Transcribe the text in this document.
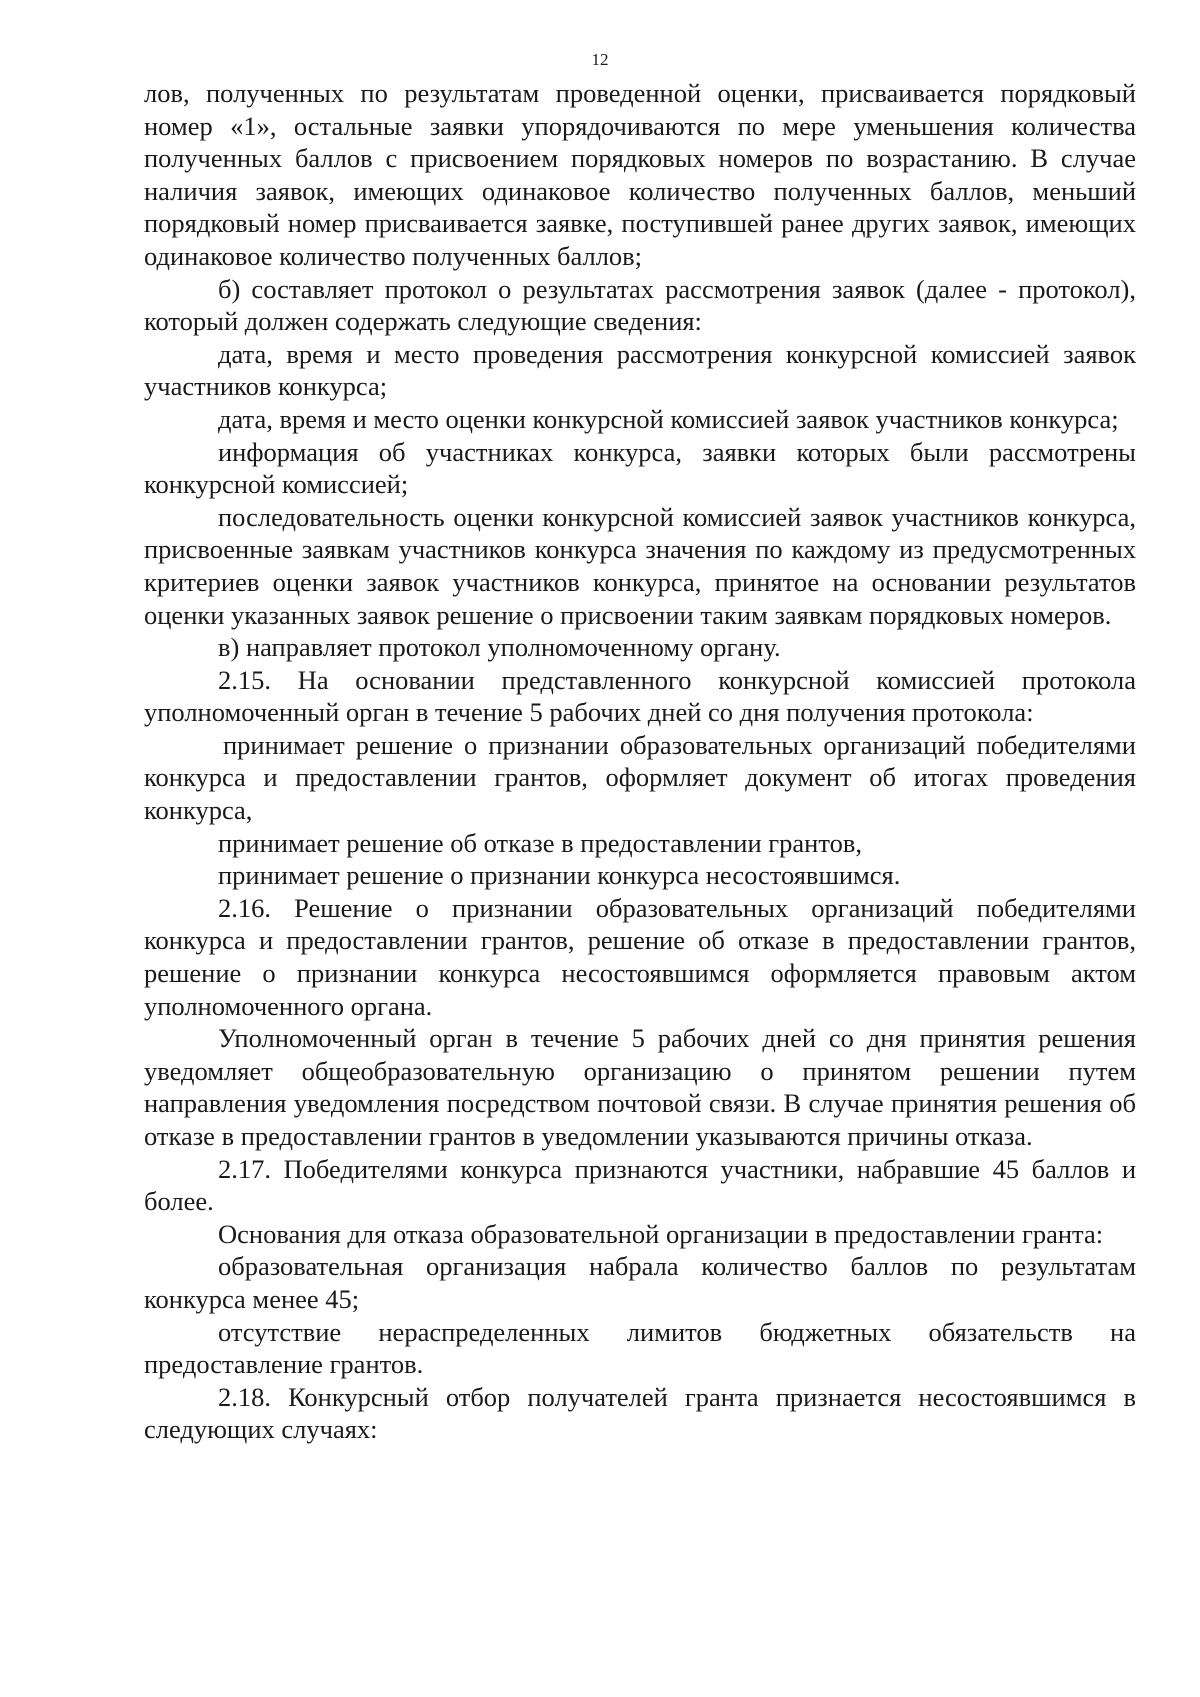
12

лов, полученных по результатам проведенной оценки, присваивается порядковый номер «1», остальные заявки упорядочиваются по мере уменьшения количества полученных баллов с присвоением порядковых номеров по возрастанию. В случае наличия заявок, имеющих одинаковое количество полученных баллов, меньший порядковый номер присваивается заявке, поступившей ранее других заявок, имеющих одинаковое количество полученных баллов;

б) составляет протокол о результатах рассмотрения заявок (далее - протокол), который должен содержать следующие сведения:

дата, время и место проведения рассмотрения конкурсной комиссией заявок участников конкурса;

дата, время и место оценки конкурсной комиссией заявок участников конкурса;

информация об участниках конкурса, заявки которых были рассмотрены конкурсной комиссией;

последовательность оценки конкурсной комиссией заявок участников конкурса, присвоенные заявкам участников конкурса значения по каждому из предусмотренных критериев оценки заявок участников конкурса, принятое на основании результатов оценки указанных заявок решение о присвоении таким заявкам порядковых номеров.

в) направляет протокол уполномоченному органу.

2.15. На основании представленного конкурсной комиссией протокола уполномоченный орган в течение 5 рабочих дней со дня получения протокола:

принимает решение о признании образовательных организаций победителями конкурса и предоставлении грантов, оформляет документ об итогах проведения конкурса,

принимает решение об отказе в предоставлении грантов,

принимает решение о признании конкурса несостоявшимся.

2.16. Решение о признании образовательных организаций победителями конкурса и предоставлении грантов, решение об отказе в предоставлении грантов, решение о признании конкурса несостоявшимся оформляется правовым актом уполномоченного органа.

Уполномоченный орган в течение 5 рабочих дней со дня принятия решения уведомляет общеобразовательную организацию о принятом решении путем направления уведомления посредством почтовой связи. В случае принятия решения об отказе в предоставлении грантов в уведомлении указываются причины отказа.

2.17. Победителями конкурса признаются участники, набравшие 45 баллов и более.

Основания для отказа образовательной организации в предоставлении гранта:

образовательная организация набрала количество баллов по результатам конкурса менее 45;

отсутствие нераспределенных лимитов бюджетных обязательств на предоставление грантов.

2.18. Конкурсный отбор получателей гранта признается несостоявшимся в следующих случаях:
